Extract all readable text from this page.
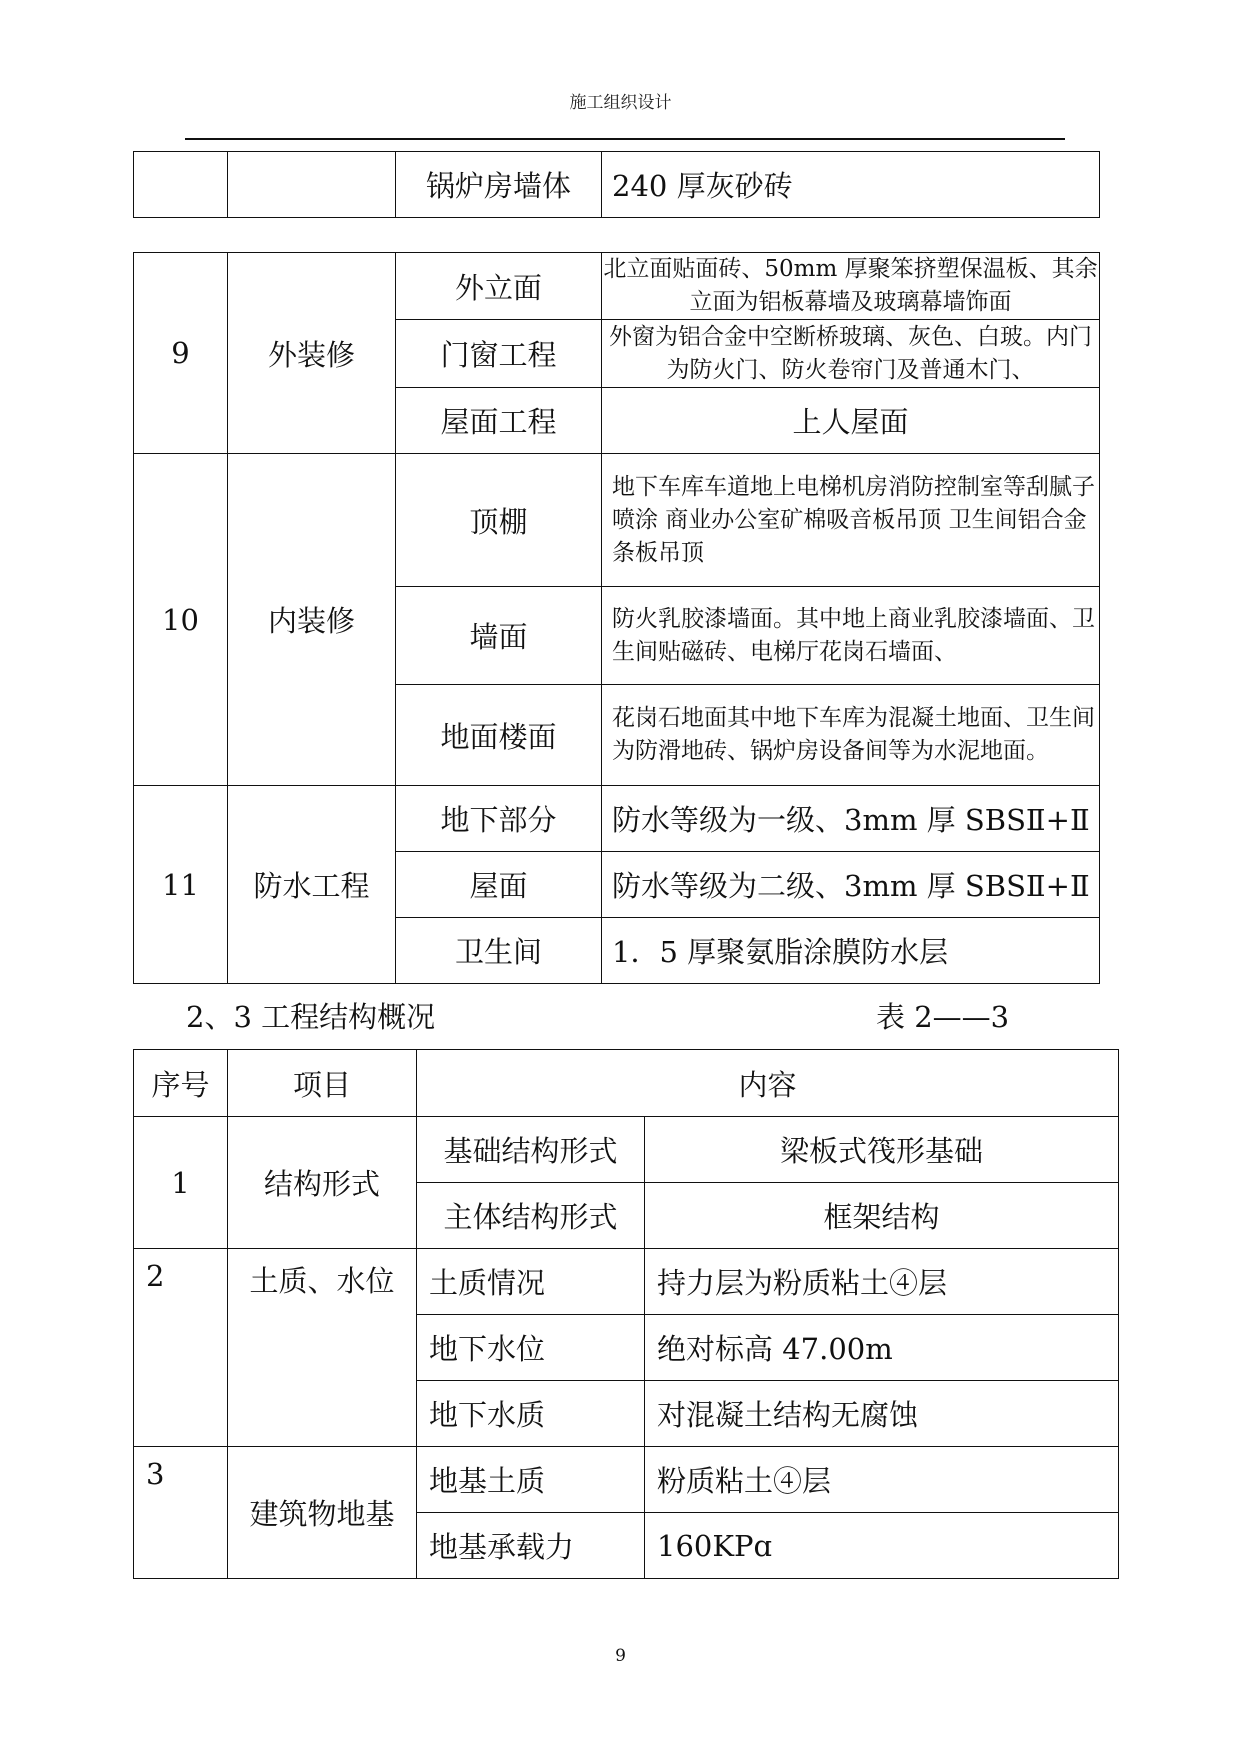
施工组织设计
		锅炉房墙体	240 厚灰砂砖
9	外装修	外立面	北立面贴面砖、50mm 厚聚笨挤塑保温板、其余立面为铝板幕墙及玻璃幕墙饰面
		门窗工程	外窗为铝合金中空断桥玻璃、灰色、白玻。内门为防火门、防火卷帘门及普通木门、
		屋面工程	上人屋面
10	内装修	顶棚	地下车库车道地上电梯机房消防控制室等刮腻子喷涂 商业办公室矿棉吸音板吊顶 卫生间铝合金条板吊顶
		墙面	防火乳胶漆墙面。其中地上商业乳胶漆墙面、卫生间贴磁砖、电梯厅花岗石墙面、
		地面楼面	花岗石地面其中地下车库为混凝土地面、卫生间为防滑地砖、锅炉房设备间等为水泥地面。
11	防水工程	地下部分	防水等级为一级、3mm 厚 SBSⅡ+Ⅱ
		屋面	防水等级为二级、3mm 厚 SBSⅡ+Ⅱ
		卫生间	1．5 厚聚氨脂涂膜防水层
2、3 工程结构概况	表 2——3
序号	项目	内容	
1	结构形式	基础结构形式	梁板式筏形基础
		主体结构形式	框架结构
2	土质、水位	土质情况	持力层为粉质粘土④层
		地下水位	绝对标高 47.00m
		地下水质	对混凝土结构无腐蚀
3	建筑物地基	地基土质	粉质粘土④层
		地基承载力	160KPɑ
9
